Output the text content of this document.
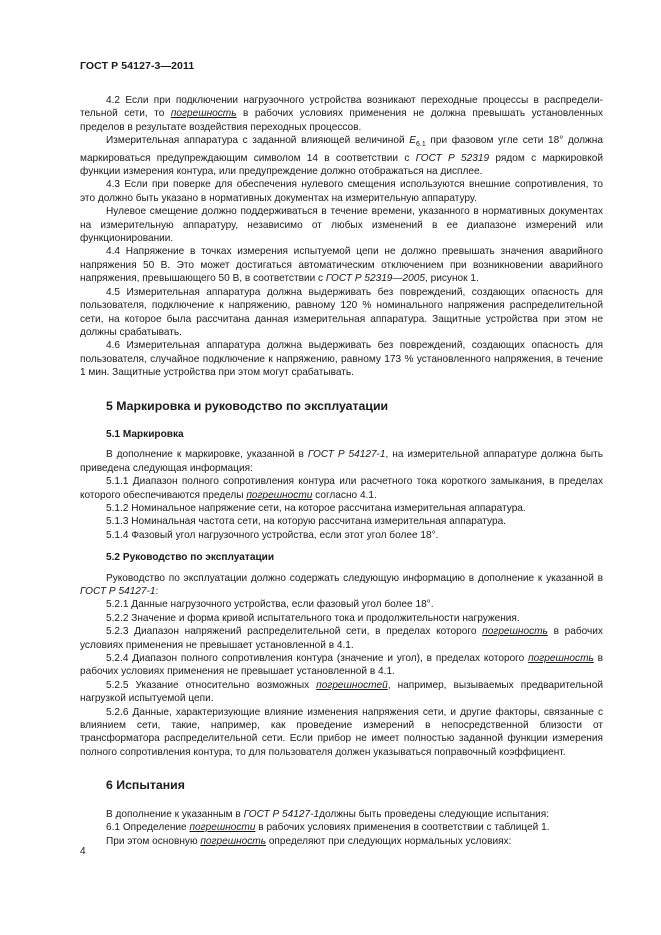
ГОСТ Р 54127-3—2011

4.2 Если при подключении нагрузочного устройства возникают переходные процессы в распределительной сети, то погрешность в рабочих условиях применения не должна превышать установленных пределов в результате воздействия переходных процессов.

Измерительная аппаратура с заданной влияющей величиной $E_{6.1}$ при фазовом угле сети 18° должна маркироваться предупреждающим символом 14 в соответствии с ГОСТ Р 52319 рядом с маркировкой функции измерения контура, или предупреждение должно отображаться на дисплее.

4.3 Если при поверке для обеспечения нулевого смещения используются внешние сопротивления, то это должно быть указано в нормативных документах на измерительную аппаратуру.

Нулевое смещение должно поддерживаться в течение времени, указанного в нормативных документах на измерительную аппаратуру, независимо от любых изменений в ее диапазоне измерений или функционировании.

4.4 Напряжение в точках измерения испытуемой цепи не должно превышать значения аварийного напряжения 50 В. Это может достигаться автоматическим отключением при возникновении аварийного напряжения, превышающего 50 В, в соответствии с ГОСТ Р 52319—2005, рисунок 1.

4.5 Измерительная аппаратура должна выдерживать без повреждений, создающих опасность для пользователя, подключение к напряжению, равному 120 % номинального напряжения распределительной сети, на которое была рассчитана данная измерительная аппаратура. Защитные устройства при этом не должны срабатывать.

4.6 Измерительная аппаратура должна выдерживать без повреждений, создающих опасность для пользователя, случайное подключение к напряжению, равному 173 % установленного напряжения, в течение 1 мин. Защитные устройства при этом могут срабатывать.

5 Маркировка и руководство по эксплуатации
5.1 Маркировка

В дополнение к маркировке, указанной в ГОСТ Р 54127-1, на измерительной аппаратуре должна быть приведена следующая информация:

5.1.1 Диапазон полного сопротивления контура или расчетного тока короткого замыкания, в пределах которого обеспечиваются пределы погрешности согласно 4.1.

5.1.2 Номинальное напряжение сети, на которое рассчитана измерительная аппаратура.

5.1.3 Номинальная частота сети, на которую рассчитана измерительная аппаратура.

5.1.4 Фазовый угол нагрузочного устройства, если этот угол более 18°.

5.2 Руководство по эксплуатации

Руководство по эксплуатации должно содержать следующую информацию в дополнение к указанной в ГОСТ Р 54127-1:

5.2.1 Данные нагрузочного устройства, если фазовый угол более 18°.

5.2.2 Значение и форма кривой испытательного тока и продолжительности нагружения.

5.2.3 Диапазон напряжений распределительной сети, в пределах которого погрешность в рабочих условиях применения не превышает установленной в 4.1.

5.2.4 Диапазон полного сопротивления контура (значение и угол), в пределах которого погрешность в рабочих условиях применения не превышает установленной в 4.1.

5.2.5 Указание относительно возможных погрешностей, например, вызываемых предварительной нагрузкой испытуемой цепи.

5.2.6 Данные, характеризующие влияние изменения напряжения сети, и другие факторы, связанные с влиянием сети, такие, например, как проведение измерений в непосредственной близости от трансформатора распределительной сети. Если прибор не имеет полностью заданной функции измерения полного сопротивления контура, то для пользователя должен указываться поправочный коэффициент.

6 Испытания

В дополнение к указанным в ГОСТ Р 54127-1должны быть проведены следующие испытания:

6.1 Определение погрешности в рабочих условиях применения в соответствии с таблицей 1.

При этом основную погрешность определяют при следующих нормальных условиях:

4
